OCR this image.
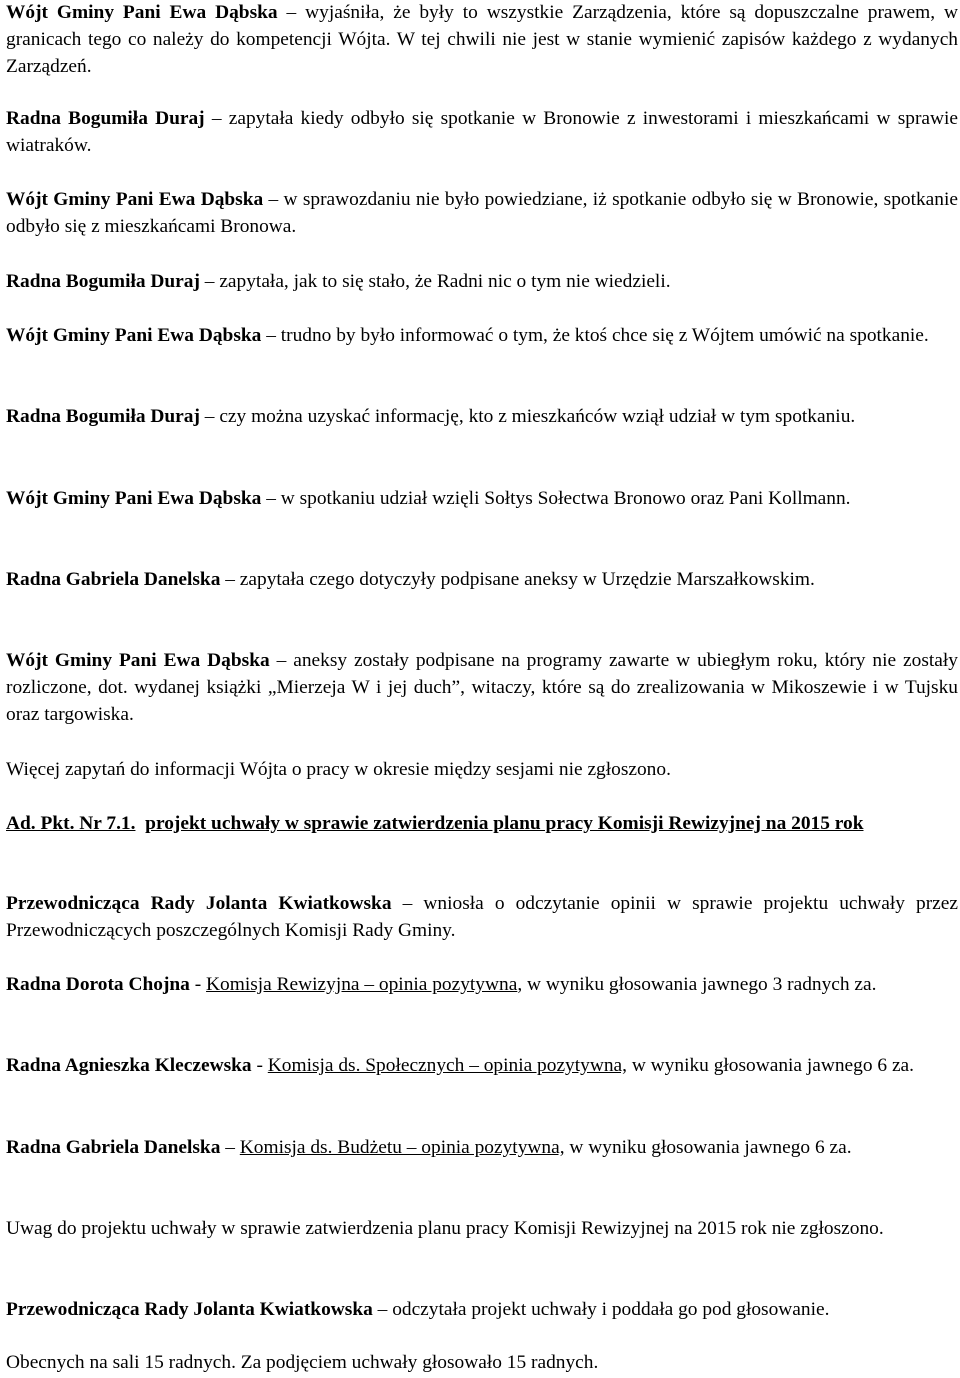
Wójt Gminy Pani Ewa Dąbska – wyjaśniła, że były to wszystkie Zarządzenia, które są dopuszczalne prawem, w granicach tego co należy do kompetencji Wójta. W tej chwili nie jest w stanie wymienić zapisów każdego z wydanych Zarządzeń.

Radna Bogumiła Duraj – zapytała kiedy odbyło się spotkanie w Bronowie z inwestorami i mieszkańcami w sprawie wiatraków.

Wójt Gminy Pani Ewa Dąbska – w sprawozdaniu nie było powiedziane, iż spotkanie odbyło się w Bronowie, spotkanie odbyło się z mieszkańcami Bronowa.

Radna Bogumiła Duraj – zapytała, jak to się stało, że Radni nic o tym nie wiedzieli.

Wójt Gminy Pani Ewa Dąbska – trudno by było informować o tym, że ktoś chce się z Wójtem umówić na spotkanie.

Radna Bogumiła Duraj – czy można uzyskać informację, kto z mieszkańców wziął udział w tym spotkaniu.

Wójt Gminy Pani Ewa Dąbska – w spotkaniu udział wzięli Sołtys Sołectwa Bronowo oraz Pani Kollmann.

Radna Gabriela Danelska – zapytała czego dotyczyły podpisane aneksy w Urzędzie Marszałkowskim.

Wójt Gminy Pani Ewa Dąbska – aneksy zostały podpisane na programy zawarte w ubiegłym roku, który nie zostały rozliczone, dot. wydanej książki „Mierzeja W i jej duch”, witaczy, które są do zrealizowania w Mikoszewie i w Tujsku oraz targowiska.

Więcej zapytań do informacji Wójta o pracy w okresie między sesjami nie zgłoszono.

Ad. Pkt. Nr 7.1. projekt uchwały w sprawie zatwierdzenia planu pracy Komisji Rewizyjnej na 2015 rok

Przewodnicząca Rady Jolanta Kwiatkowska – wniosła o odczytanie opinii w sprawie projektu uchwały przez Przewodniczących poszczególnych Komisji Rady Gminy.

Radna Dorota Chojna - Komisja Rewizyjna – opinia pozytywna, w wyniku głosowania jawnego 3 radnych za.

Radna Agnieszka Kleczewska - Komisja ds. Społecznych – opinia pozytywna, w wyniku głosowania jawnego 6 za.

Radna Gabriela Danelska – Komisja ds. Budżetu – opinia pozytywna, w wyniku głosowania jawnego 6 za.

Uwag do projektu uchwały w sprawie zatwierdzenia planu pracy Komisji Rewizyjnej na 2015 rok nie zgłoszono.

Przewodnicząca Rady Jolanta Kwiatkowska – odczytała projekt uchwały i poddała go pod głosowanie.

Obecnych na sali 15 radnych. Za podjęciem uchwały głosowało 15 radnych.
